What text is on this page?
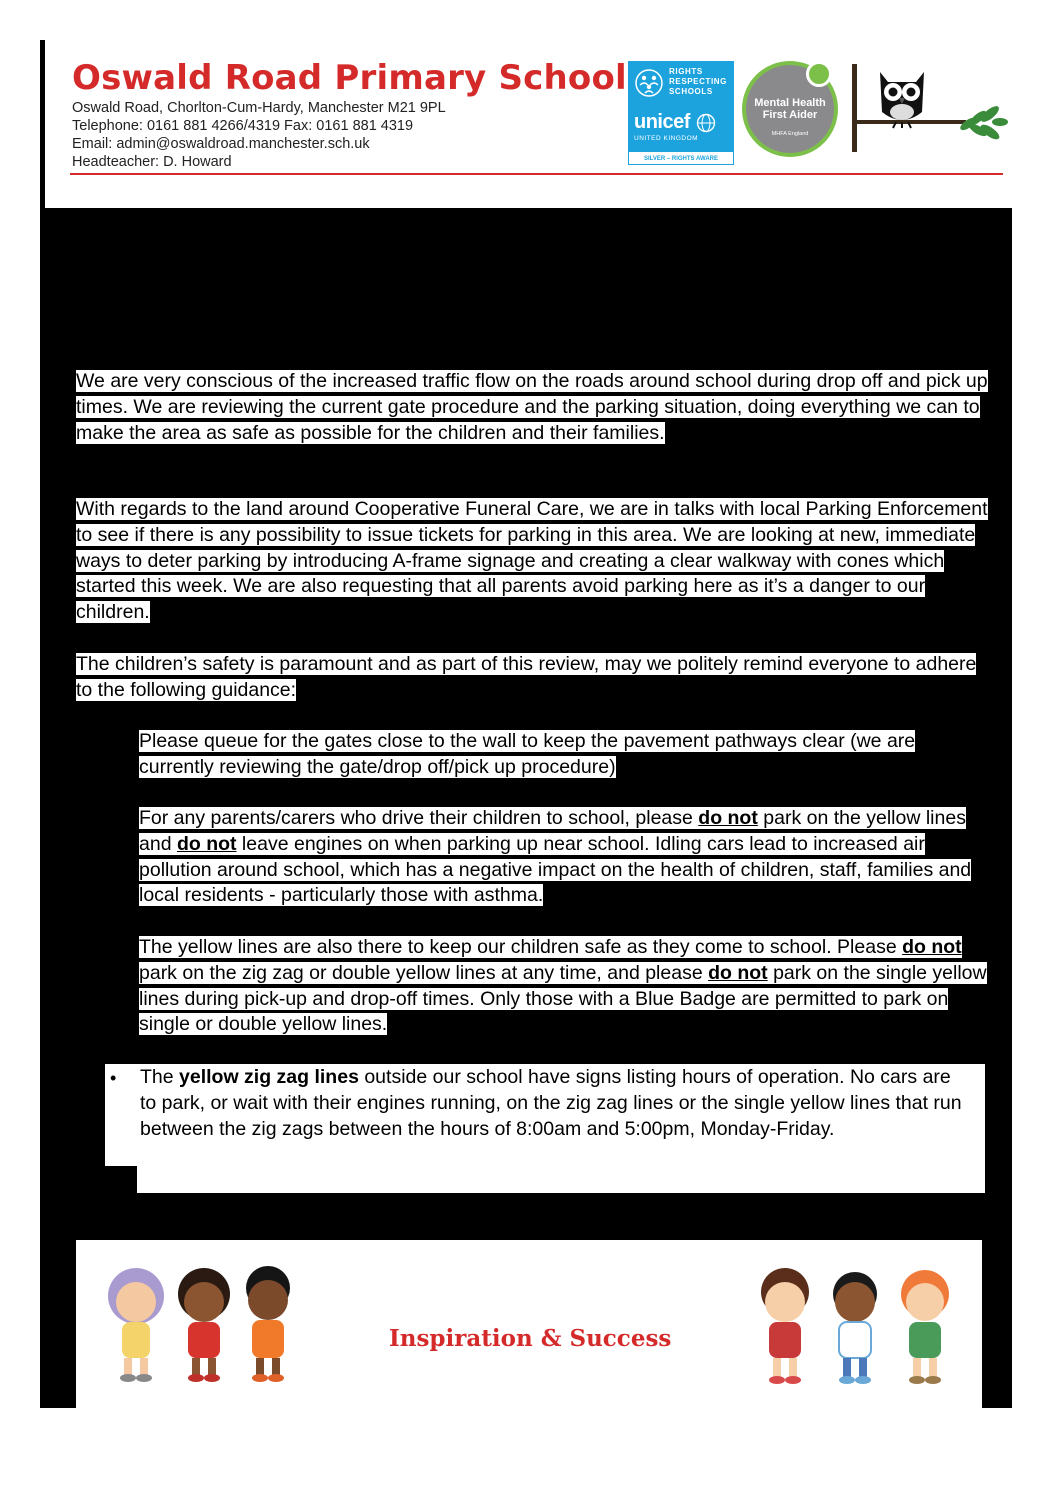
Oswald Road Primary School
Oswald Road, Chorlton-Cum-Hardy, Manchester M21 9PL
Telephone: 0161 881 4266/4319 Fax: 0161 881 4319
Email: admin@oswaldroad.manchester.sch.uk
Headteacher: D. Howard
RIGHTS
RESPECTING
SCHOOLS
unicef
UNITED KINGDOM
SILVER – RIGHTS AWARE
Mental Health
First Aider
MHFA England
We are very conscious of the increased traffic flow on the roads around school during drop off and pick up times. We are reviewing the current gate procedure and the parking situation, doing everything we can to make the area as safe as possible for the children and their families.
With regards to the land around Cooperative Funeral Care, we are in talks with local Parking Enforcement to see if there is any possibility to issue tickets for parking in this area. We are looking at new, immediate ways to deter parking by introducing A-frame signage and creating a clear walkway with cones which started this week. We are also requesting that all parents avoid parking here as it’s a danger to our children.
The children’s safety is paramount and as part of this review, may we politely remind everyone to adhere to the following guidance:
Please queue for the gates close to the wall to keep the pavement pathways clear (we are currently reviewing the gate/drop off/pick up procedure)
For any parents/carers who drive their children to school, please do not park on the yellow lines and do not leave engines on when parking up near school. Idling cars lead to increased air pollution around school, which has a negative impact on the health of children, staff, families and local residents - particularly those with asthma.
The yellow lines are also there to keep our children safe as they come to school. Please do not park on the zig zag or double yellow lines at any time, and please do not park on the single yellow lines during pick-up and drop-off times. Only those with a Blue Badge are permitted to park on single or double yellow lines.
• The yellow zig zag lines outside our school have signs listing hours of operation. No cars are to park, or wait with their engines running, on the zig zag lines or the single yellow lines that run between the zig zags between the hours of 8:00am and 5:00pm, Monday-Friday.
Inspiration & Success
